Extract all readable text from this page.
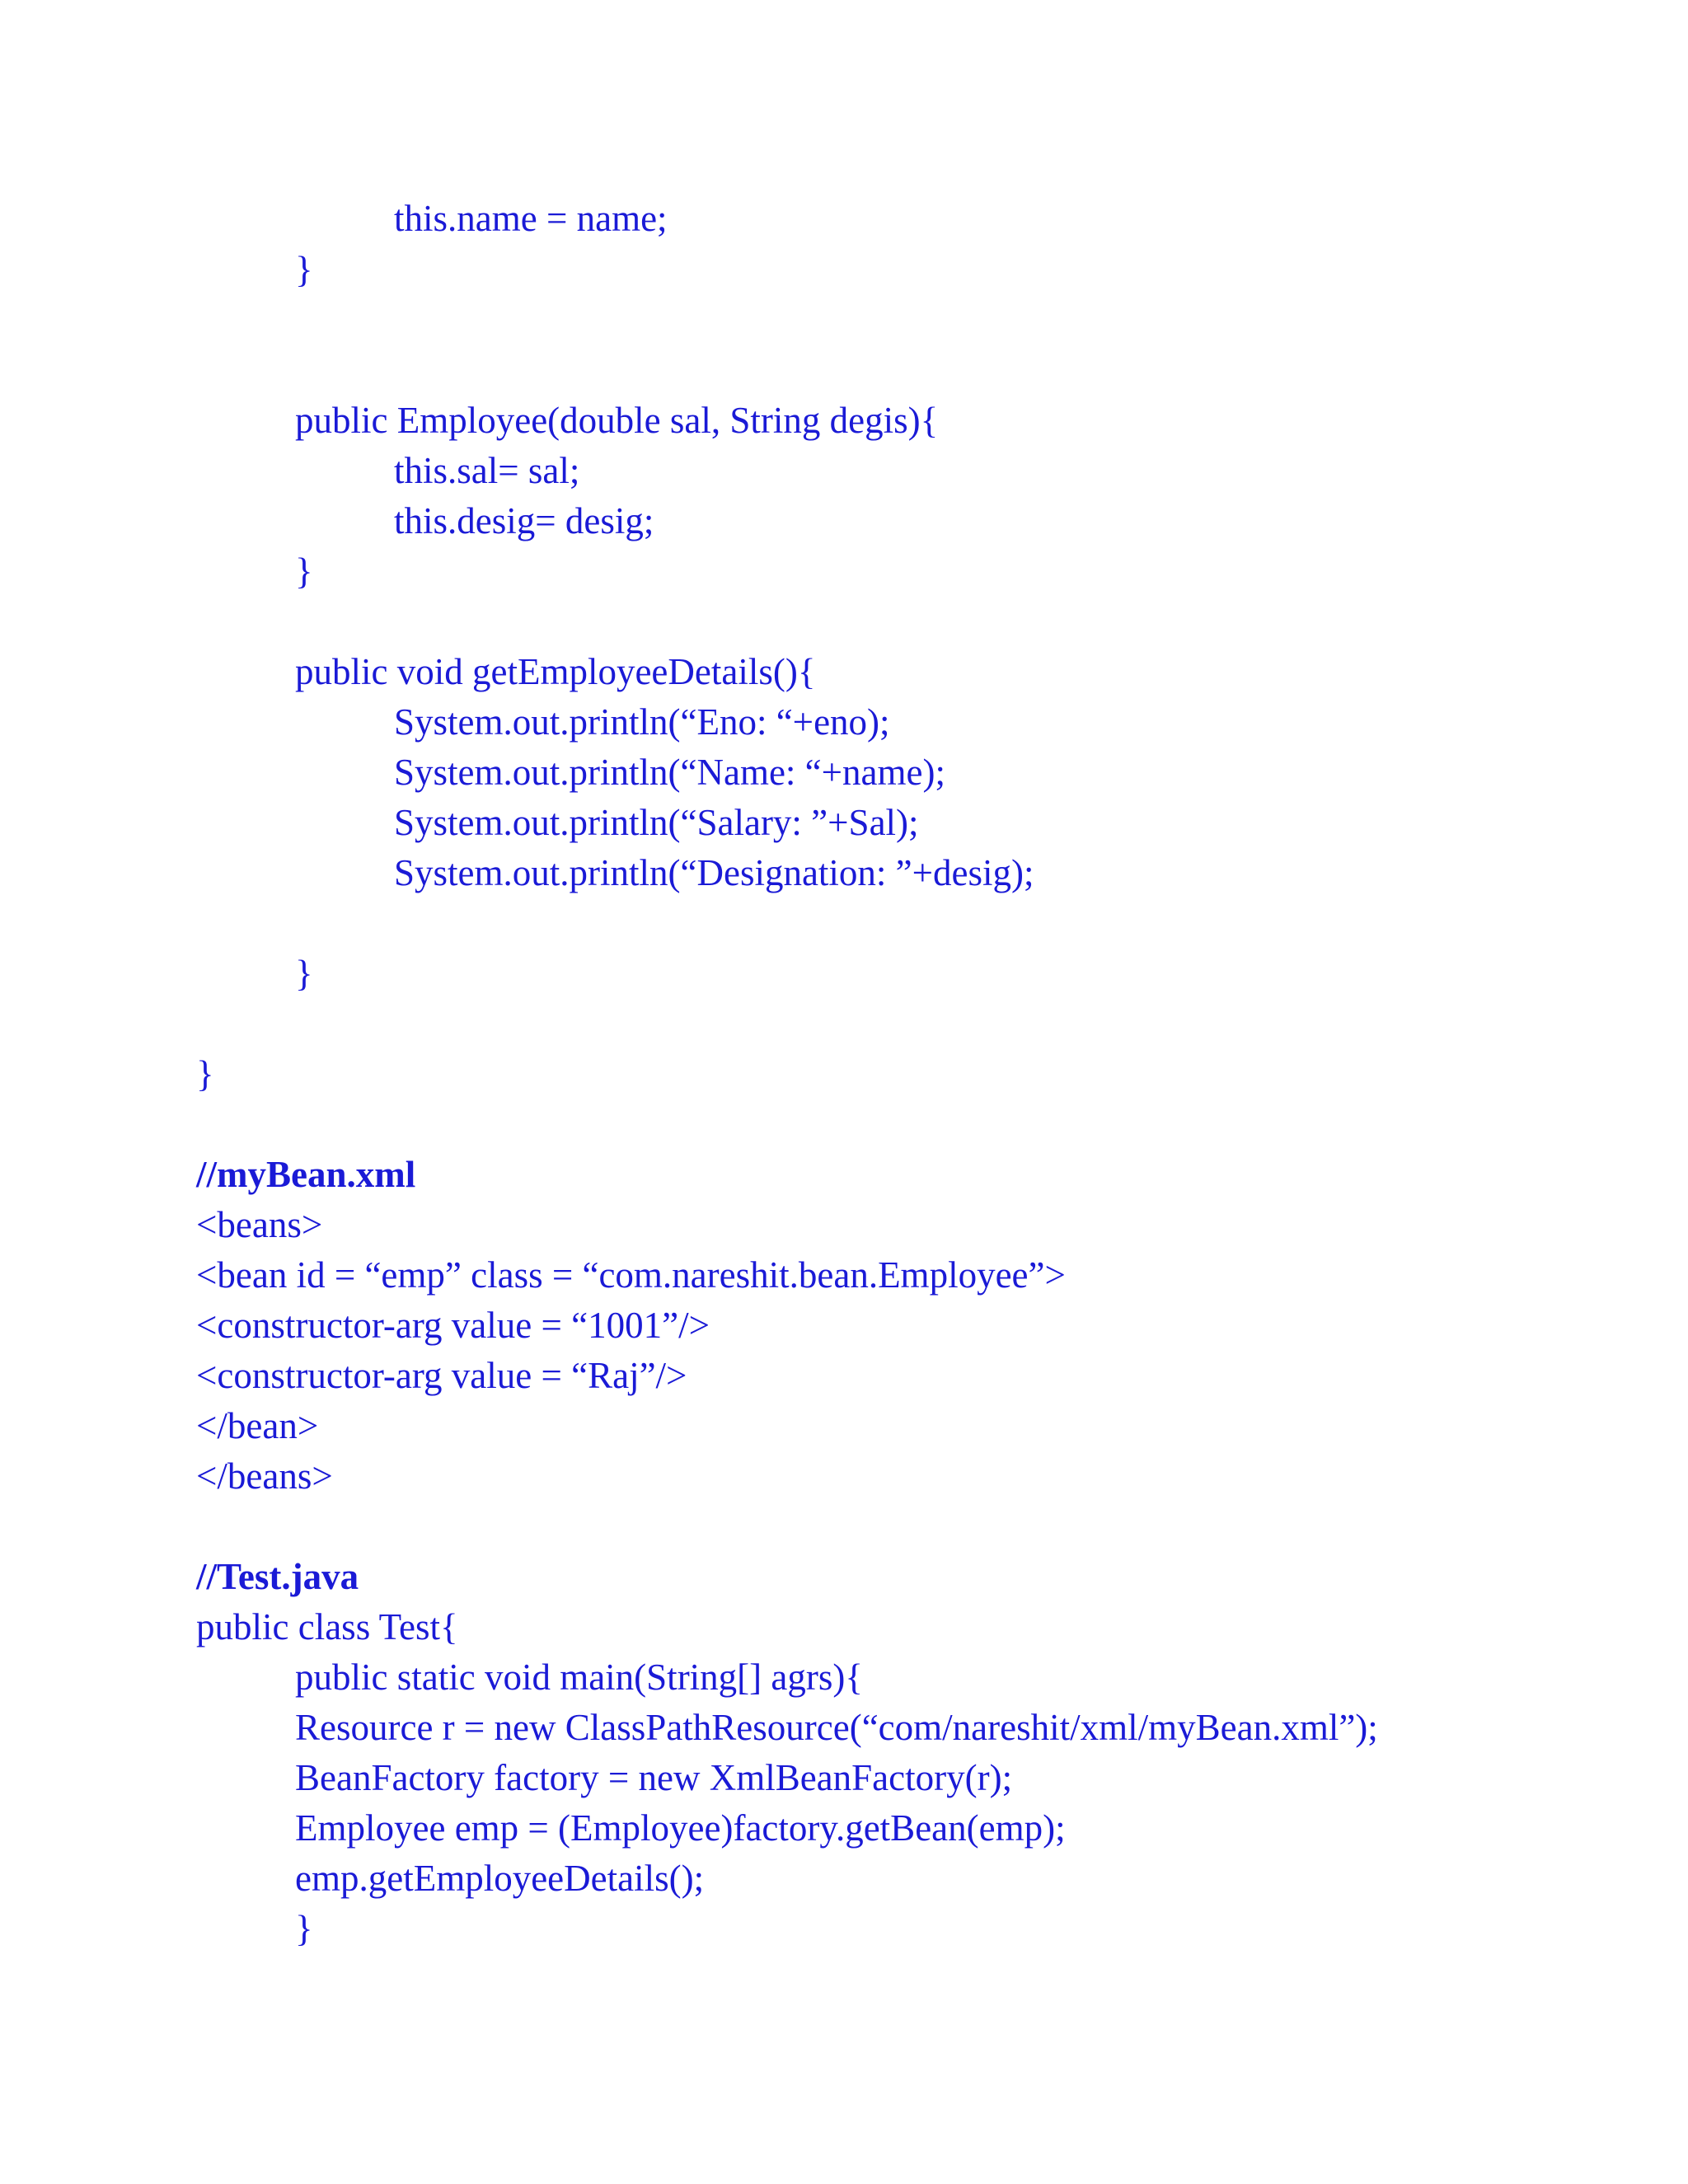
this.name = name;
}
public Employee(double sal, String degis){
this.sal= sal;
this.desig= desig;
}
public void getEmployeeDetails(){
System.out.println(“Eno: “+eno);
System.out.println(“Name: “+name);
System.out.println(“Salary: ”+Sal);
System.out.println(“Designation: ”+desig);
}
}
//myBean.xml
<beans>
<bean id = “emp” class = “com.nareshit.bean.Employee”>
<constructor-arg value = “1001”/>
<constructor-arg value = “Raj”/>
</bean>
</beans>
//Test.java
public class Test{
public static void main(String[] agrs){
Resource r = new ClassPathResource(“com/nareshit/xml/myBean.xml”);
BeanFactory factory = new XmlBeanFactory(r);
Employee emp = (Employee)factory.getBean(emp);
emp.getEmployeeDetails();
}
